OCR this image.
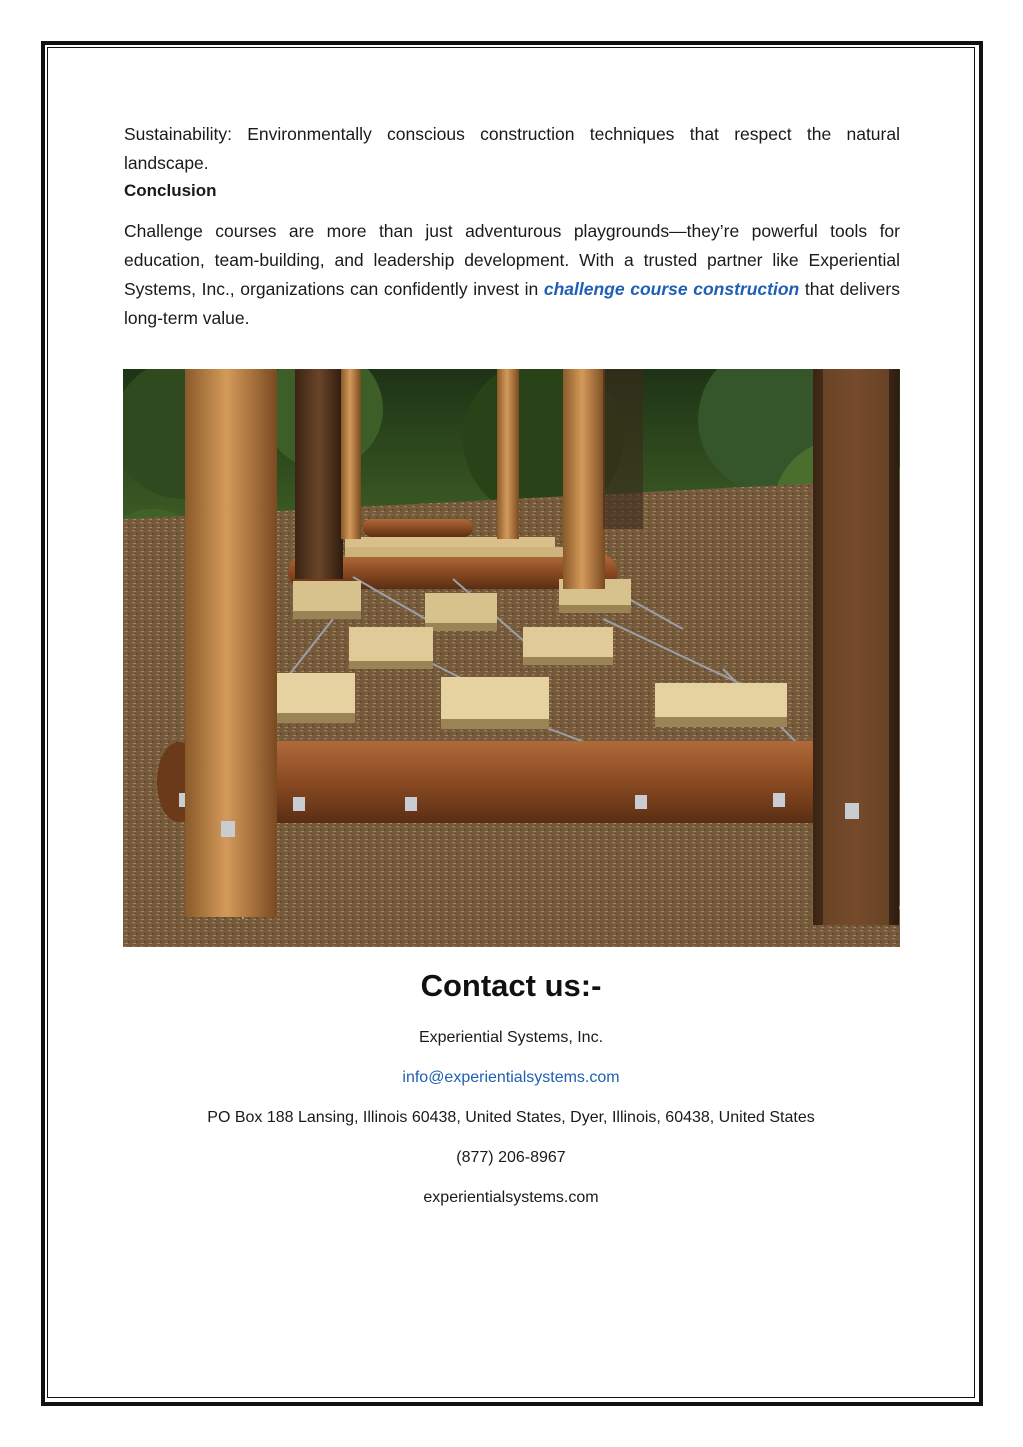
Sustainability: Environmentally conscious construction techniques that respect the natural landscape.

Conclusion

Challenge courses are more than just adventurous playgrounds—they’re powerful tools for education, team-building, and leadership development. With a trusted partner like Experiential Systems, Inc., organizations can confidently invest in challenge course construction that delivers long-term value.

Contact us:-
Experiential Systems, Inc.
info@experientialsystems.com
PO Box 188 Lansing, Illinois 60438, United States, Dyer, Illinois, 60438, United States
(877) 206-8967
experientialsystems.com
